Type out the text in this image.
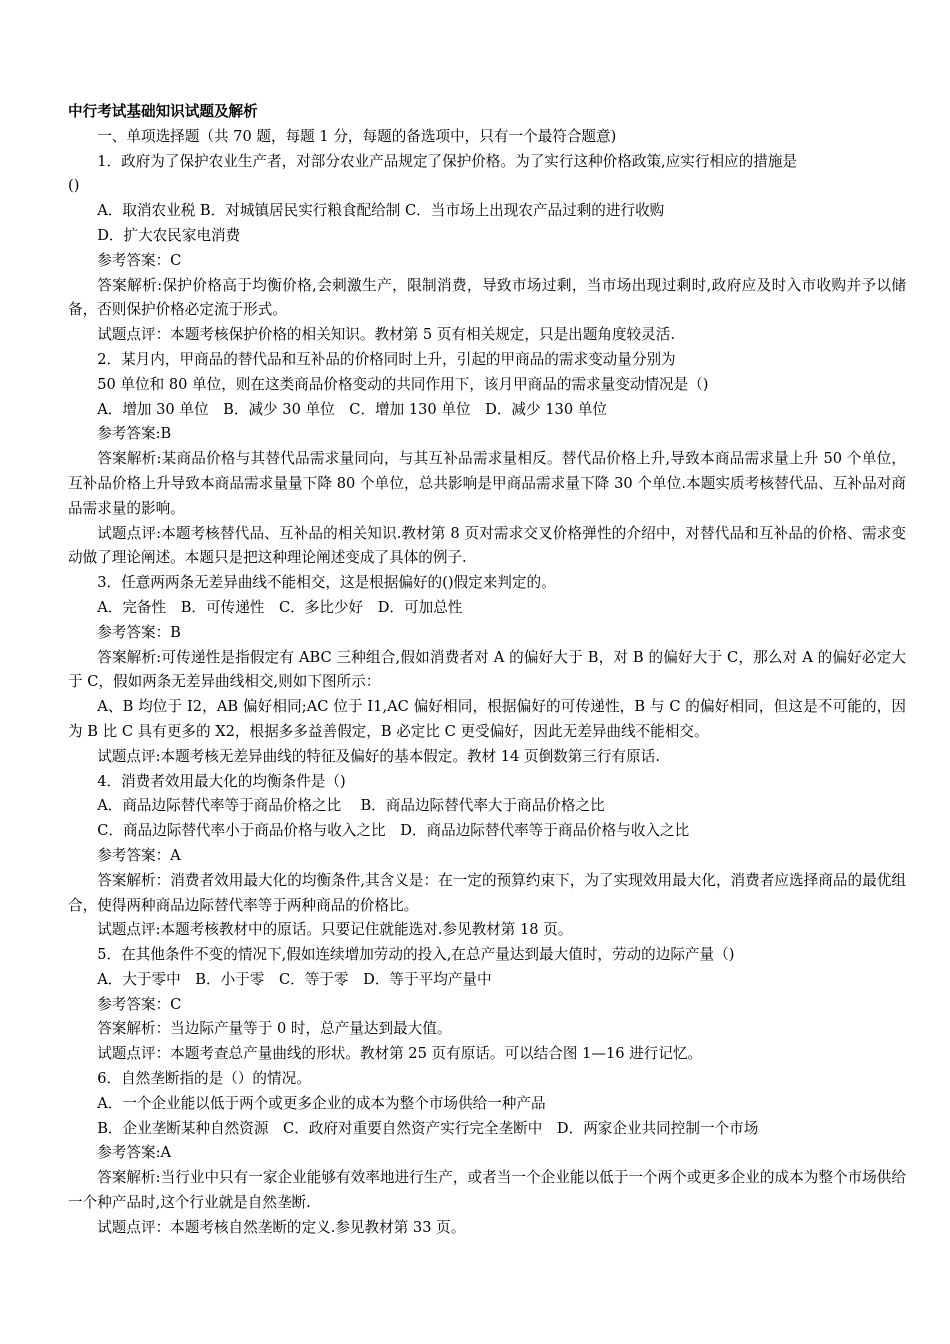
中行考试基础知识试题及解析
一、单项选择题（共 70 题，每题 1 分，每题的备选项中，只有一个最符合题意)
1．政府为了保护农业生产者，对部分农业产品规定了保护价格。为了实行这种价格政策,应实行相应的措施是
()
A．取消农业税 B．对城镇居民实行粮食配给制 C．当市场上出现农产品过剩的进行收购
D．扩大农民家电消费
参考答案：C

答案解析:保护价格高于均衡价格,会刺激生产，限制消费，导致市场过剩，当市场出现过剩时,政府应及时入市收购并予以储备，否则保护价格必定流于形式。

试题点评：本题考核保护价格的相关知识。教材第 5 页有相关规定，只是出题角度较灵活.
2．某月内，甲商品的替代品和互补品的价格同时上升，引起的甲商品的需求变动量分别为
50 单位和 80 单位，则在这类商品价格变动的共同作用下，该月甲商品的需求量变动情况是（)
A．增加 30 单位　B．减少 30 单位　C．增加 130 单位　D．减少 130 单位
参考答案:B

答案解析:某商品价格与其替代品需求量同向，与其互补品需求量相反。替代品价格上升,导致本商品需求量上升 50 个单位，互补品价格上升导致本商品需求量量下降 80 个单位，总共影响是甲商品需求量下降 30 个单位.本题实质考核替代品、互补品对商品需求量的影响。

试题点评:本题考核替代品、互补品的相关知识.教材第 8 页对需求交叉价格弹性的介绍中，对替代品和互补品的价格、需求变动做了理论阐述。本题只是把这种理论阐述变成了具体的例子.

3．任意两两条无差异曲线不能相交，这是根据偏好的()假定来判定的。
A．完备性　B．可传递性　C．多比少好　D．可加总性
参考答案：B

答案解析:可传递性是指假定有 ABC 三种组合,假如消费者对 A 的偏好大于 B，对 B 的偏好大于 C，那么对 A 的偏好必定大于 C，假如两条无差异曲线相交,则如下图所示：

A、B 均位于 I2，AB 偏好相同;AC 位于 I1,AC 偏好相同，根据偏好的可传递性，B 与 C 的偏好相同，但这是不可能的，因为 B 比 C 具有更多的 X2，根据多多益善假定，B 必定比 C 更受偏好，因此无差异曲线不能相交。

试题点评:本题考核无差异曲线的特征及偏好的基本假定。教材 14 页倒数第三行有原话.
4．消费者效用最大化的均衡条件是（)
A．商品边际替代率等于商品价格之比　 B．商品边际替代率大于商品价格之比
C．商品边际替代率小于商品价格与收入之比　D．商品边际替代率等于商品价格与收入之比
参考答案：A

答案解析：消费者效用最大化的均衡条件,其含义是：在一定的预算约束下，为了实现效用最大化，消费者应选择商品的最优组合，使得两种商品边际替代率等于两种商品的价格比。

试题点评:本题考核教材中的原话。只要记住就能选对.参见教材第 18 页。
5．在其他条件不变的情况下,假如连续增加劳动的投入,在总产量达到最大值时，劳动的边际产量（)
A．大于零中　B．小于零　C．等于零　D．等于平均产量中
参考答案：C
答案解析：当边际产量等于 0 时，总产量达到最大值。
试题点评：本题考查总产量曲线的形状。教材第 25 页有原话。可以结合图 1—16 进行记忆。
6．自然垄断指的是（）的情况。
A．一个企业能以低于两个或更多企业的成本为整个市场供给一种产品
B．企业垄断某种自然资源　C．政府对重要自然资产实行完全垄断中　D．两家企业共同控制一个市场
参考答案:A

答案解析:当行业中只有一家企业能够有效率地进行生产，或者当一个企业能以低于一个两个或更多企业的成本为整个市场供给一个种产品时,这个行业就是自然垄断.

试题点评：本题考核自然垄断的定义.参见教材第 33 页。
